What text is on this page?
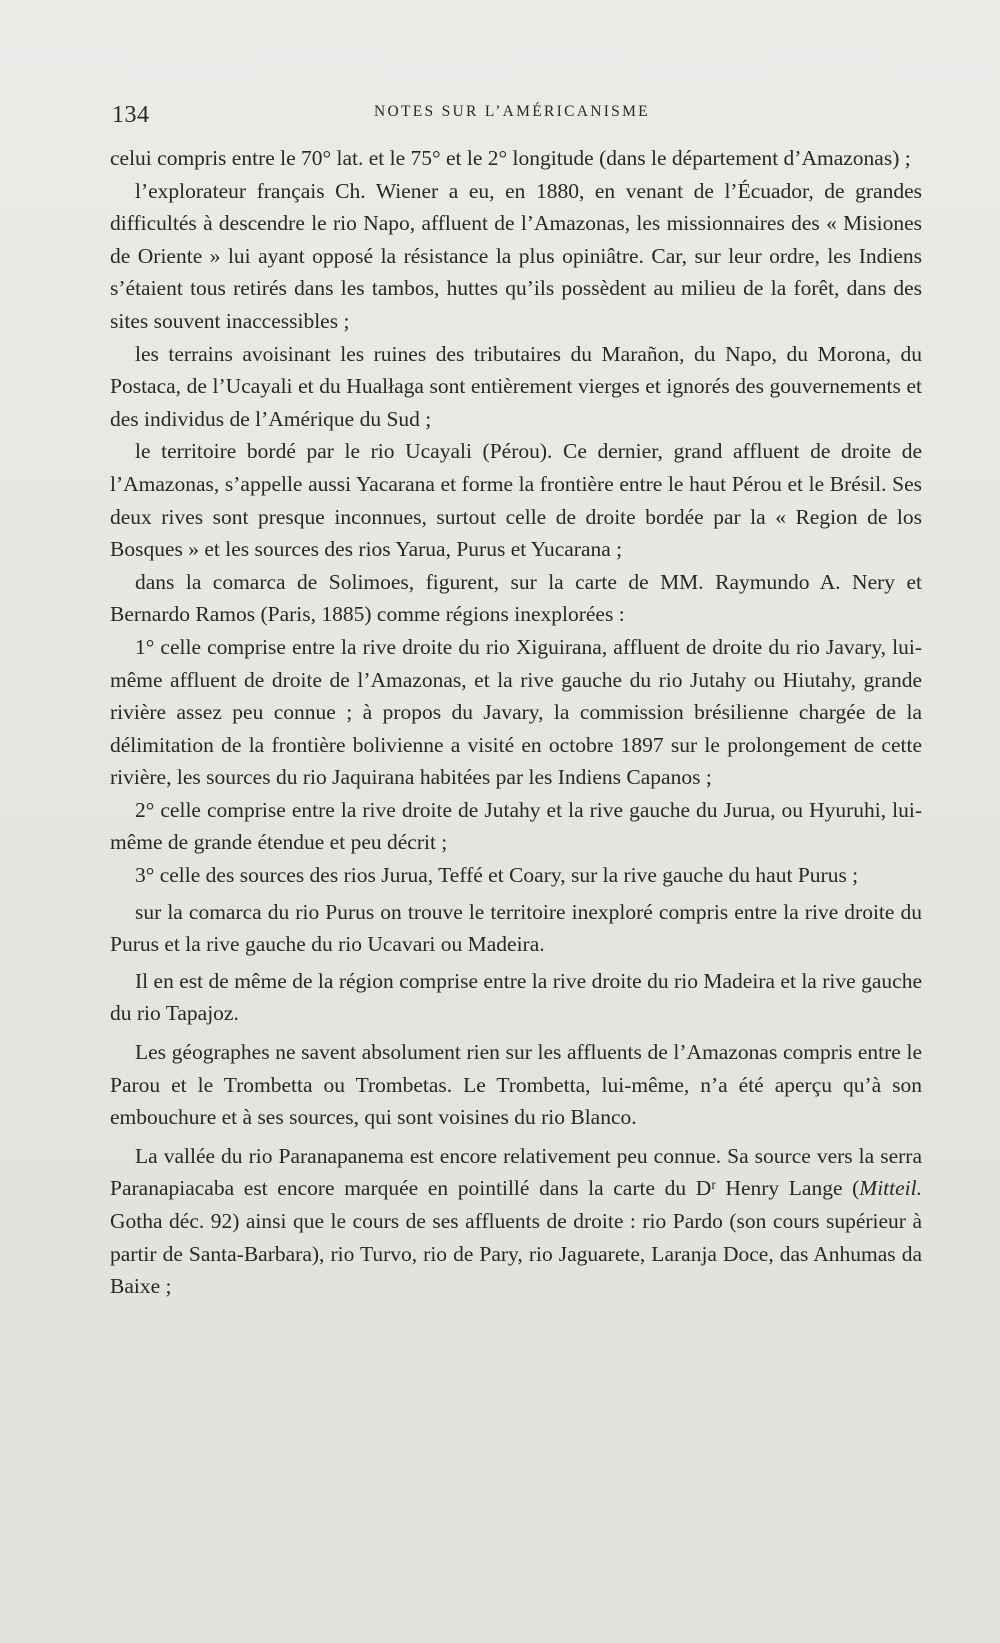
134	NOTES SUR L’AMÉRICANISME

celui compris entre le 70° lat. et le 75° et le 2° longitude (dans le département d’Amazonas) ;

l’explorateur français Ch. Wiener a eu, en 1880, en venant de l’Écuador, de grandes difficultés à descendre le rio Napo, affluent de l’Amazonas, les missionnaires des « Misiones de Oriente » lui ayant opposé la résistance la plus opiniâtre. Car, sur leur ordre, les Indiens s’étaient tous retirés dans les tambos, huttes qu’ils possèdent au milieu de la forêt, dans des sites souvent inaccessibles ;

les terrains avoisinant les ruines des tributaires du Marañon, du Napo, du Morona, du Postaca, de l’Ucayali et du Hualłaga sont entièrement vierges et ignorés des gouvernements et des individus de l’Amérique du Sud ;

le territoire bordé par le rio Ucayali (Pérou). Ce dernier, grand affluent de droite de l’Amazonas, s’appelle aussi Yacarana et forme la frontière entre le haut Pérou et le Brésil. Ses deux rives sont presque inconnues, surtout celle de droite bordée par la « Region de los Bosques » et les sources des rios Yarua, Purus et Yucarana ;

dans la comarca de Solimoes, figurent, sur la carte de MM. Raymundo A. Nery et Bernardo Ramos (Paris, 1885) comme régions inexplorées :

1° celle comprise entre la rive droite du rio Xiguirana, affluent de droite du rio Javary, lui-même affluent de droite de l’Amazonas, et la rive gauche du rio Jutahy ou Hiutahy, grande rivière assez peu connue ; à propos du Javary, la commission brésilienne chargée de la délimitation de la frontière bolivienne a visité en octobre 1897 sur le prolongement de cette rivière, les sources du rio Jaquirana habitées par les Indiens Capanos ;

2° celle comprise entre la rive droite de Jutahy et la rive gauche du Jurua, ou Hyuruhi, lui-même de grande étendue et peu décrit ;

3° celle des sources des rios Jurua, Teffé et Coary, sur la rive gauche du haut Purus ;

sur la comarca du rio Purus on trouve le territoire inexploré compris entre la rive droite du Purus et la rive gauche du rio Ucavari ou Madeira.

Il en est de même de la région comprise entre la rive droite du rio Madeira et la rive gauche du rio Tapajoz.

Les géographes ne savent absolument rien sur les affluents de l’Amazonas compris entre le Parou et le Trombetta ou Trombetas. Le Trombetta, lui-même, n’a été aperçu qu’à son embouchure et à ses sources, qui sont voisines du rio Blanco.

La vallée du rio Paranapanema est encore relativement peu connue. Sa source vers la serra Paranapiacaba est encore marquée en pointillé dans la carte du $D^r$ Henry Lange (Mitteil. Gotha déc. 92) ainsi que le cours de ses affluents de droite : rio Pardo (son cours supérieur à partir de Santa-Barbara), rio Turvo, rio de Pary, rio Jaguarete, Laranja Doce, das Anhumas da Baixe ;
